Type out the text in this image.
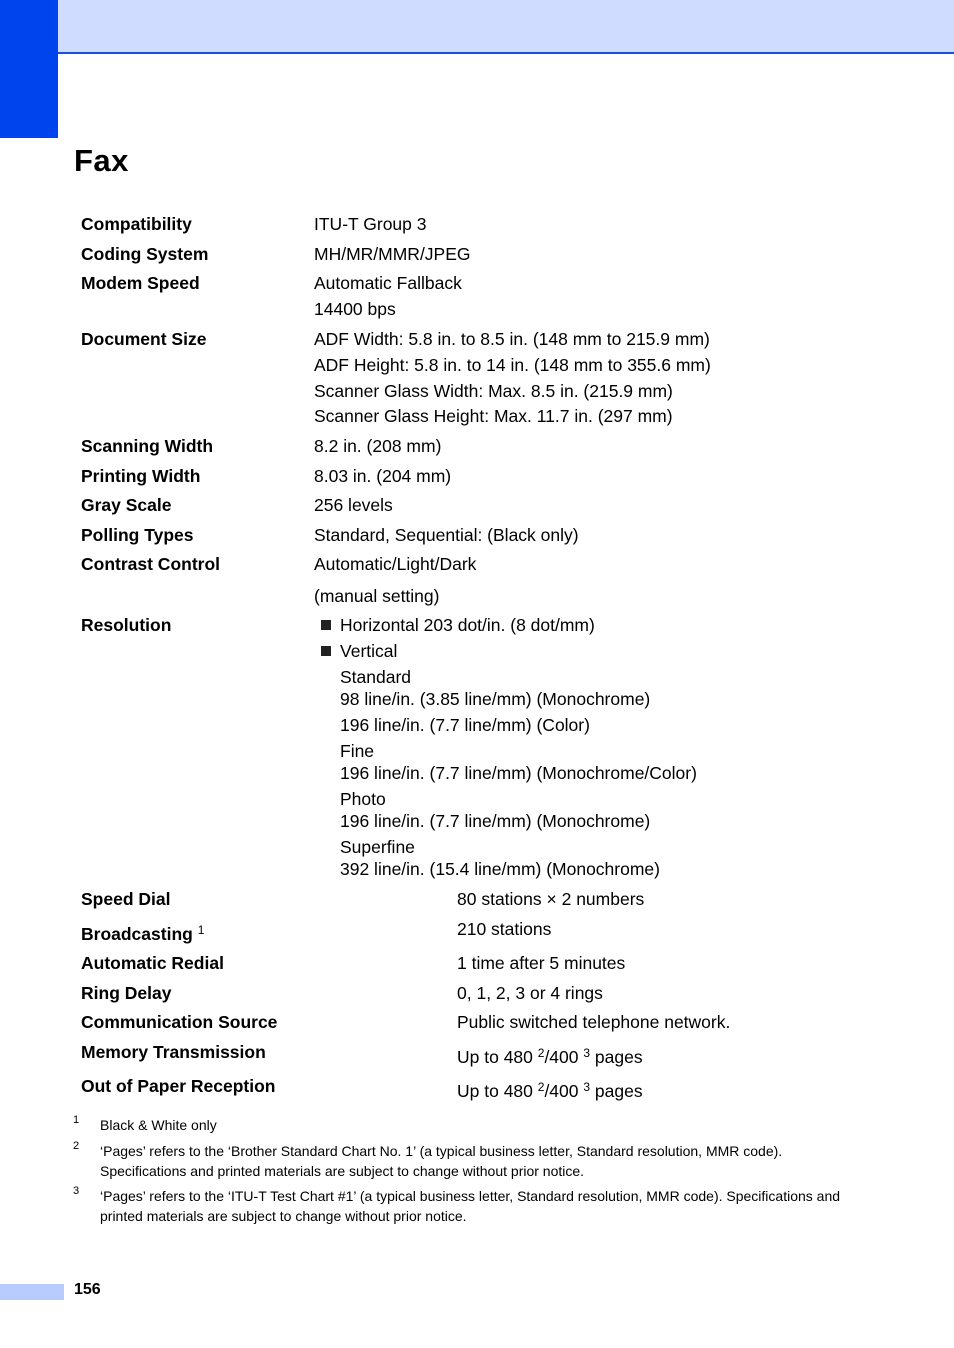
Fax
Compatibility	ITU-T Group 3
Coding System	MH/MR/MMR/JPEG
Modem Speed	Automatic Fallback
14400 bps
Document Size	ADF Width: 5.8 in. to 8.5 in. (148 mm to 215.9 mm)
ADF Height: 5.8 in. to 14 in. (148 mm to 355.6 mm)
Scanner Glass Width: Max. 8.5 in. (215.9 mm)
Scanner Glass Height: Max. 11.7 in. (297 mm)
Scanning Width	8.2 in. (208 mm)
Printing Width	8.03 in. (204 mm)
Gray Scale	256 levels
Polling Types	Standard, Sequential: (Black only)
Contrast Control	Automatic/Light/Dark
(manual setting)
Resolution	Horizontal 203 dot/in. (8 dot/mm)
Vertical
Standard
98 line/in. (3.85 line/mm) (Monochrome)
196 line/in. (7.7 line/mm) (Color)
Fine
196 line/in. (7.7 line/mm) (Monochrome/Color)
Photo
196 line/in. (7.7 line/mm) (Monochrome)
Superfine
392 line/in. (15.4 line/mm) (Monochrome)
Speed Dial	80 stations × 2 numbers
Broadcasting $^1$	210 stations
Automatic Redial	1 time after 5 minutes
Ring Delay	0, 1, 2, 3 or 4 rings
Communication Source	Public switched telephone network.
Memory Transmission	Up to 480 $^2$/400 $^3$ pages
Out of Paper Reception	Up to 480 $^2$/400 $^3$ pages
1 Black & White only
2 ‘Pages’ refers to the ‘Brother Standard Chart No. 1’ (a typical business letter, Standard resolution, MMR code). Specifications and printed materials are subject to change without prior notice.
3 ‘Pages’ refers to the ‘ITU-T Test Chart #1’ (a typical business letter, Standard resolution, MMR code). Specifications and printed materials are subject to change without prior notice.
156
